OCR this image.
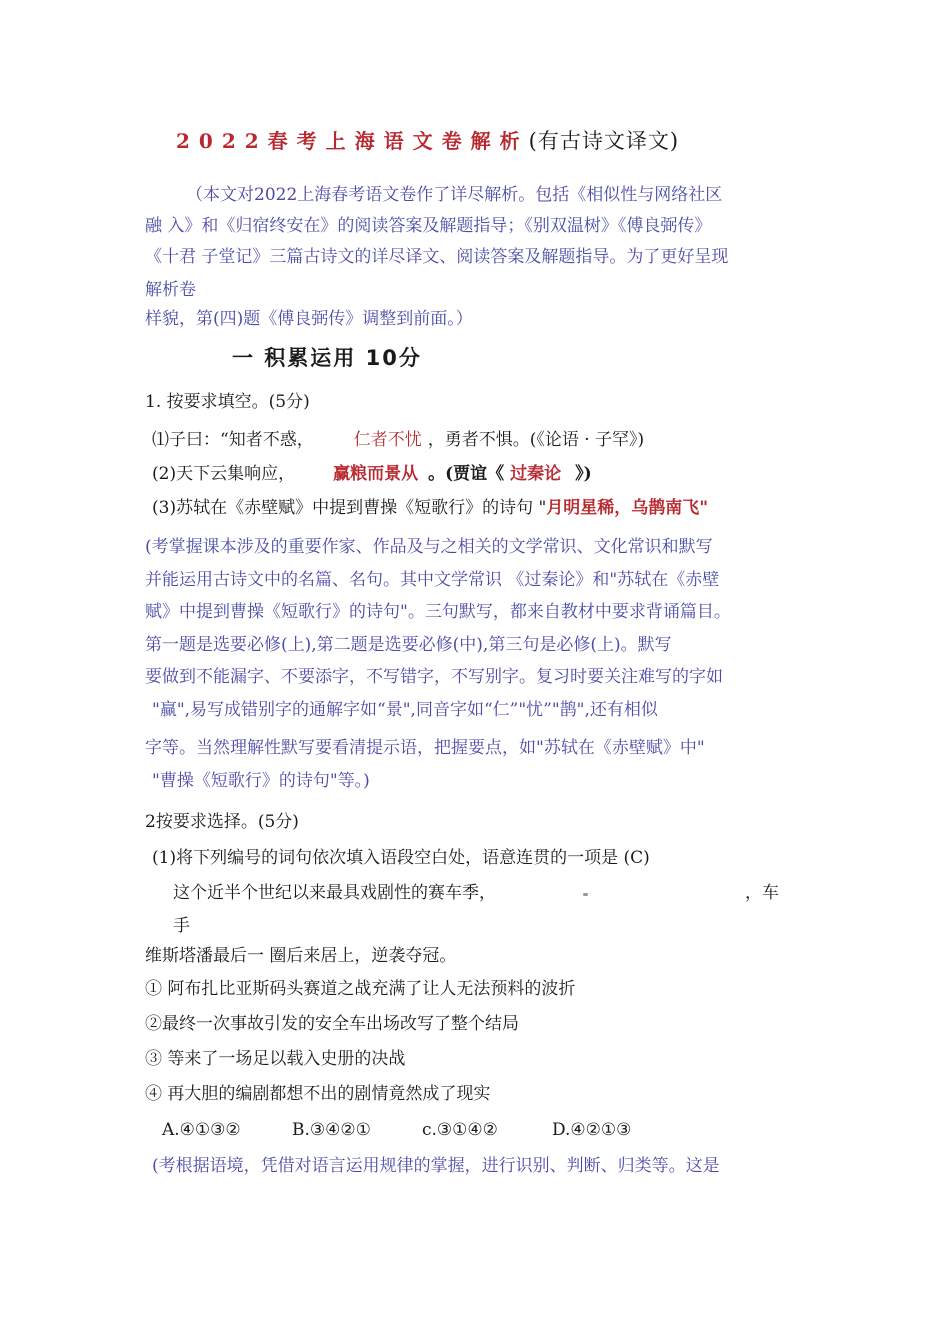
2022春考上海语文卷解析(有古诗文译文)
（本文对2022上海春考语文卷作了详尽解析。包括《相似性与网络社区
融 入》和《归宿终安在》的阅读答案及解题指导；《别双温树》《傅良弼传》
《十君 子堂记》三篇古诗文的详尽译文、阅读答案及解题指导。为了更好呈现
解析卷
样貌，第(四)题《傅良弼传》调整到前面。）
一 积累运用 10分
1. 按要求填空。(5分)
⑴子曰：“知者不惑， 仁者不忧 ，勇者不惧。(《论语 · 子罕》)
(2)天下云集响应， 赢粮而景从 。(贾谊《 过秦论 》)
(3)苏轼在《赤壁赋》中提到曹操《短歌行》的诗句 "月明星稀，乌鹊南飞"
(考掌握课本涉及的重要作家、作品及与之相关的文学常识、文化常识和默写
并能运用古诗文中的名篇、名句。其中文学常识 《过秦论》和"苏轼在《赤壁
赋》中提到曹操《短歌行》的诗句"。三句默写，都来自教材中要求背诵篇目。
第一题是选要必修(上),第二题是选要必修(中),第三句是必修(上)。默写
要做到不能漏字、不要添字，不写错字，不写别字。复习时要关注难写的字如
"赢",易写成错别字的通解字如“景",同音字如“仁”"忧”"鹊",还有相似
字等。当然理解性默写要看清提示语，把握要点，如"苏轼在《赤壁赋》中"
"曹操《短歌行》的诗句"等。)
2按要求选择。(5分)
(1)将下列编号的词句依次填入语段空白处，语意连贯的一项是 (C)
这个近半个世纪以来最具戏剧性的赛车季，	，车
手
维斯塔潘最后一 圈后来居上，逆袭夺冠。
① 阿布扎比亚斯码头赛道之战充满了让人无法预料的波折
②最终一次事故引发的安全车出场改写了整个结局
③ 等来了一场足以载入史册的决战
④ 再大胆的编剧都想不出的剧情竟然成了现实
A.④①③②	B.③④②①	c.③①④②	D.④②①③
(考根据语境，凭借对语言运用规律的掌握，进行识别、判断、归类等。这是
